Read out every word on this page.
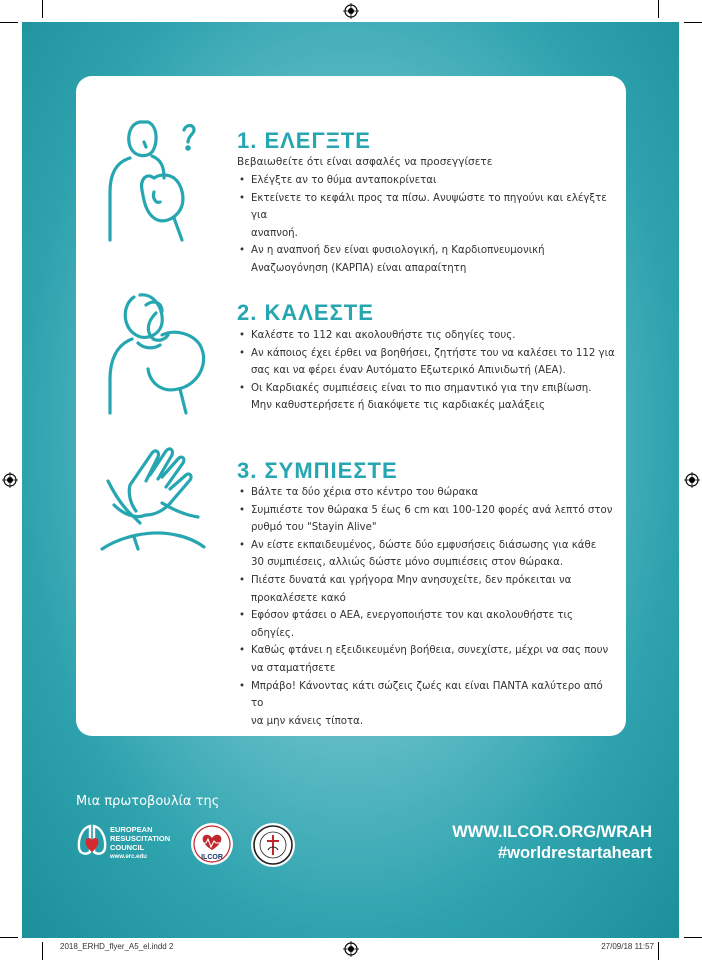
1. ΕΛΕΓΞΤΕ

Βεβαιωθείτε ότι είναι ασφαλές να προσεγγίσετε

• Ελέγξτε αν το θύμα ανταποκρίνεται
• Εκτείνετε το κεφάλι προς τα πίσω. Ανυψώστε το πηγούνι και ελέγξτε για
αναπνοή.
• Αν η αναπνοή δεν είναι φυσιολογική, η Καρδιοπνευμονική
Αναζωογόνηση (ΚΑΡΠΑ) είναι απαραίτητη
2. ΚΑΛΕΣΤΕ
• Καλέστε το 112 και ακολουθήστε τις οδηγίες τους.
• Αν κάποιος έχει έρθει να βοηθήσει, ζητήστε του να καλέσει το 112 για
σας και να φέρει έναν Αυτόματο Εξωτερικό Απινιδωτή (ΑΕΑ).
• Οι Καρδιακές συμπιέσεις είναι το πιο σημαντικό για την επιβίωση.
Μην καθυστερήσετε ή διακόψετε τις καρδιακές μαλάξεις
3. ΣΥΜΠΙΕΣΤΕ
• Βάλτε τα δύο χέρια στο κέντρο του θώρακα
• Συμπιέστε τον θώρακα 5 έως 6 cm και 100-120 φορές ανά λεπτό στον
ρυθμό του "Stayin Alive"
• Αν είστε εκπαιδευμένος, δώστε δύο εμφυσήσεις διάσωσης για κάθε
30 συμπιέσεις, αλλιώς δώστε μόνο συμπιέσεις στον θώρακα.
• Πιέστε δυνατά και γρήγορα Μην ανησυχείτε, δεν πρόκειται να
προκαλέσετε κακό
• Εφόσον φτάσει ο ΑΕΑ, ενεργοποιήστε τον και ακολουθήστε τις οδηγίες.
• Καθώς φτάνει η εξειδικευμένη βοήθεια, συνεχίστε, μέχρι να σας πουν
να σταματήσετε
• Μπράβο! Κάνοντας κάτι σώζεις ζωές και είναι ΠΑΝΤΑ καλύτερο από το
να μην κάνεις τίποτα.

Μια πρωτοβουλία της

EUROPEAN
RESUSCITATION
COUNCIL
www.erc.edu	ILCOR
WWW.ILCOR.ORG/WRAH
#worldrestartaheart
2018_ERHD_flyer_A5_el.indd 2	27/09/18 11:57
